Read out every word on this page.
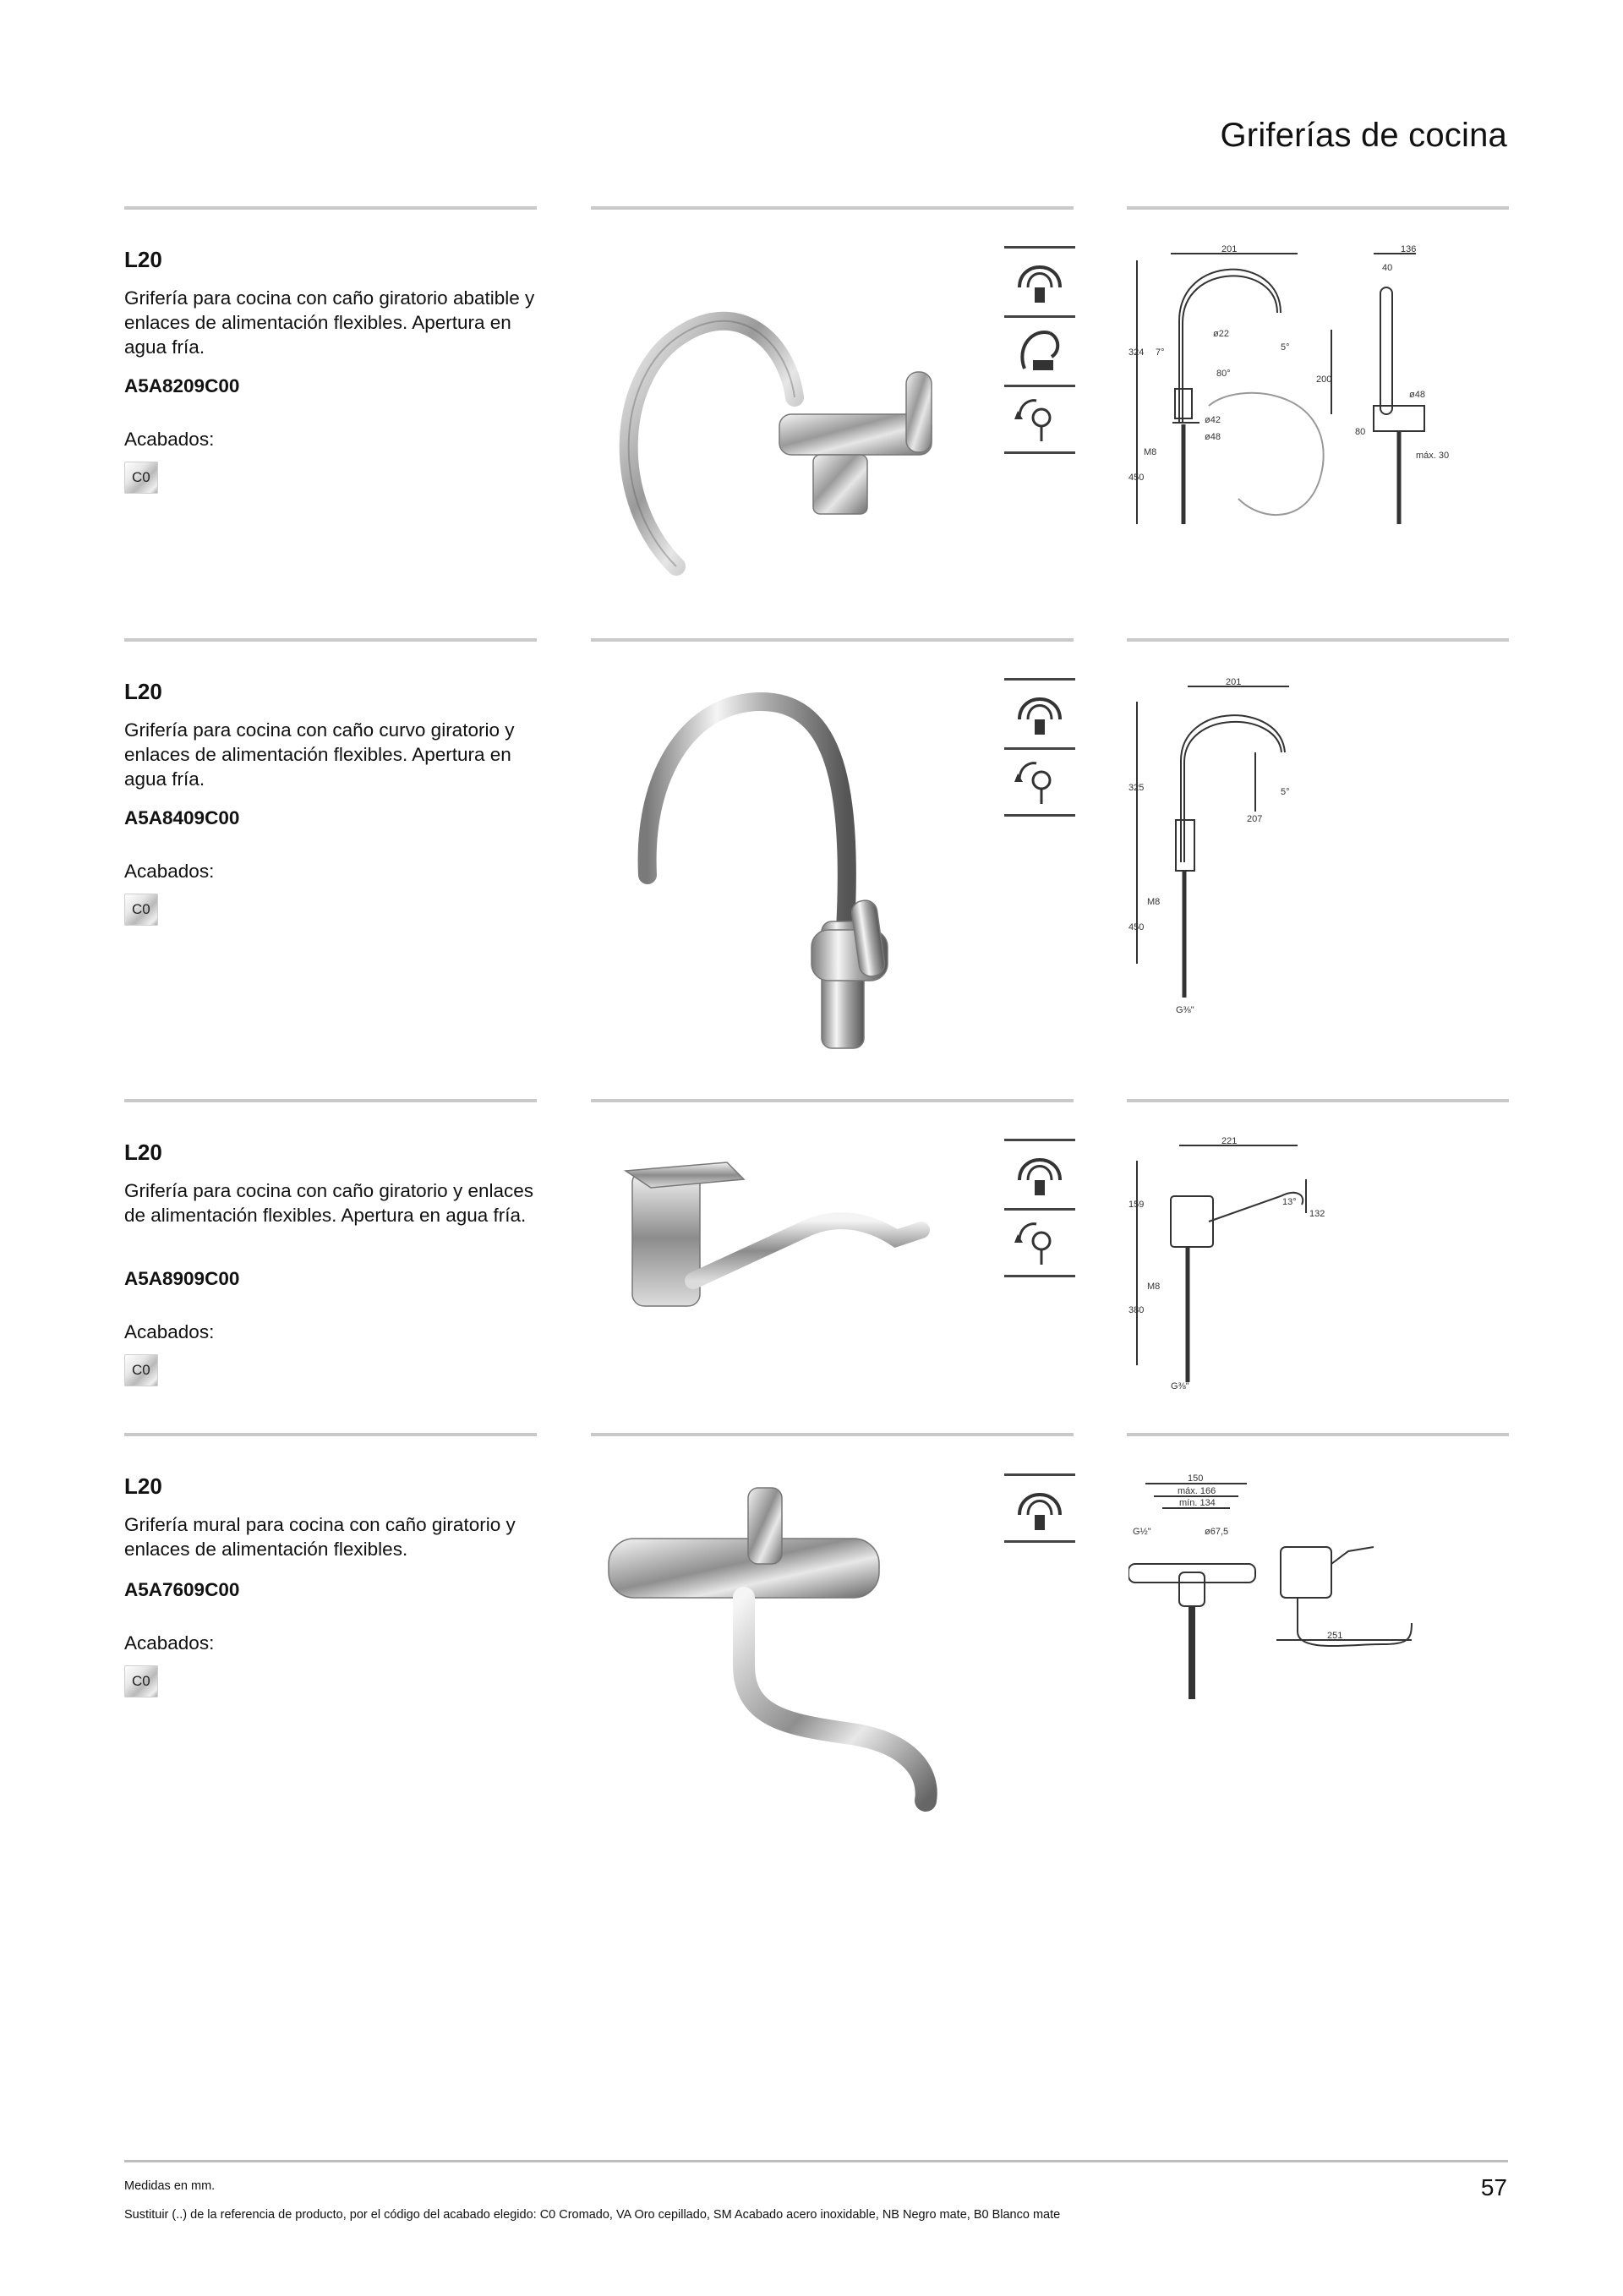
Griferías de cocina
L20
Grifería para cocina con caño giratorio abatible y enlaces de alimentación flexibles. Apertura en agua fría.
A5A8209C00
Acabados:
C0
201
324 7°
ø22
5°
80°
200
ø42
ø48
M8
450
136
40
ø48
80
máx. 30
L20
Grifería para cocina con caño curvo giratorio y enlaces de alimentación flexibles. Apertura en agua fría.
A5A8409C00
Acabados:
C0
201
325	5°
207
M8
450
G⅜"
L20
Grifería para cocina con caño giratorio y enlaces de alimentación flexibles. Apertura en agua fría.
A5A8909C00
Acabados:
C0
221
159	13°
132
M8
380
G⅜"
L20
Grifería mural para cocina con caño giratorio y enlaces de alimentación flexibles.
A5A7609C00
Acabados:
C0
150
máx. 166
mín. 134
G½"	ø67,5
251
Medidas en mm.
Sustituir (..) de la referencia de producto, por el código del acabado elegido: C0 Cromado, VA Oro cepillado, SM Acabado acero inoxidable, NB Negro mate, B0 Blanco mate
57
